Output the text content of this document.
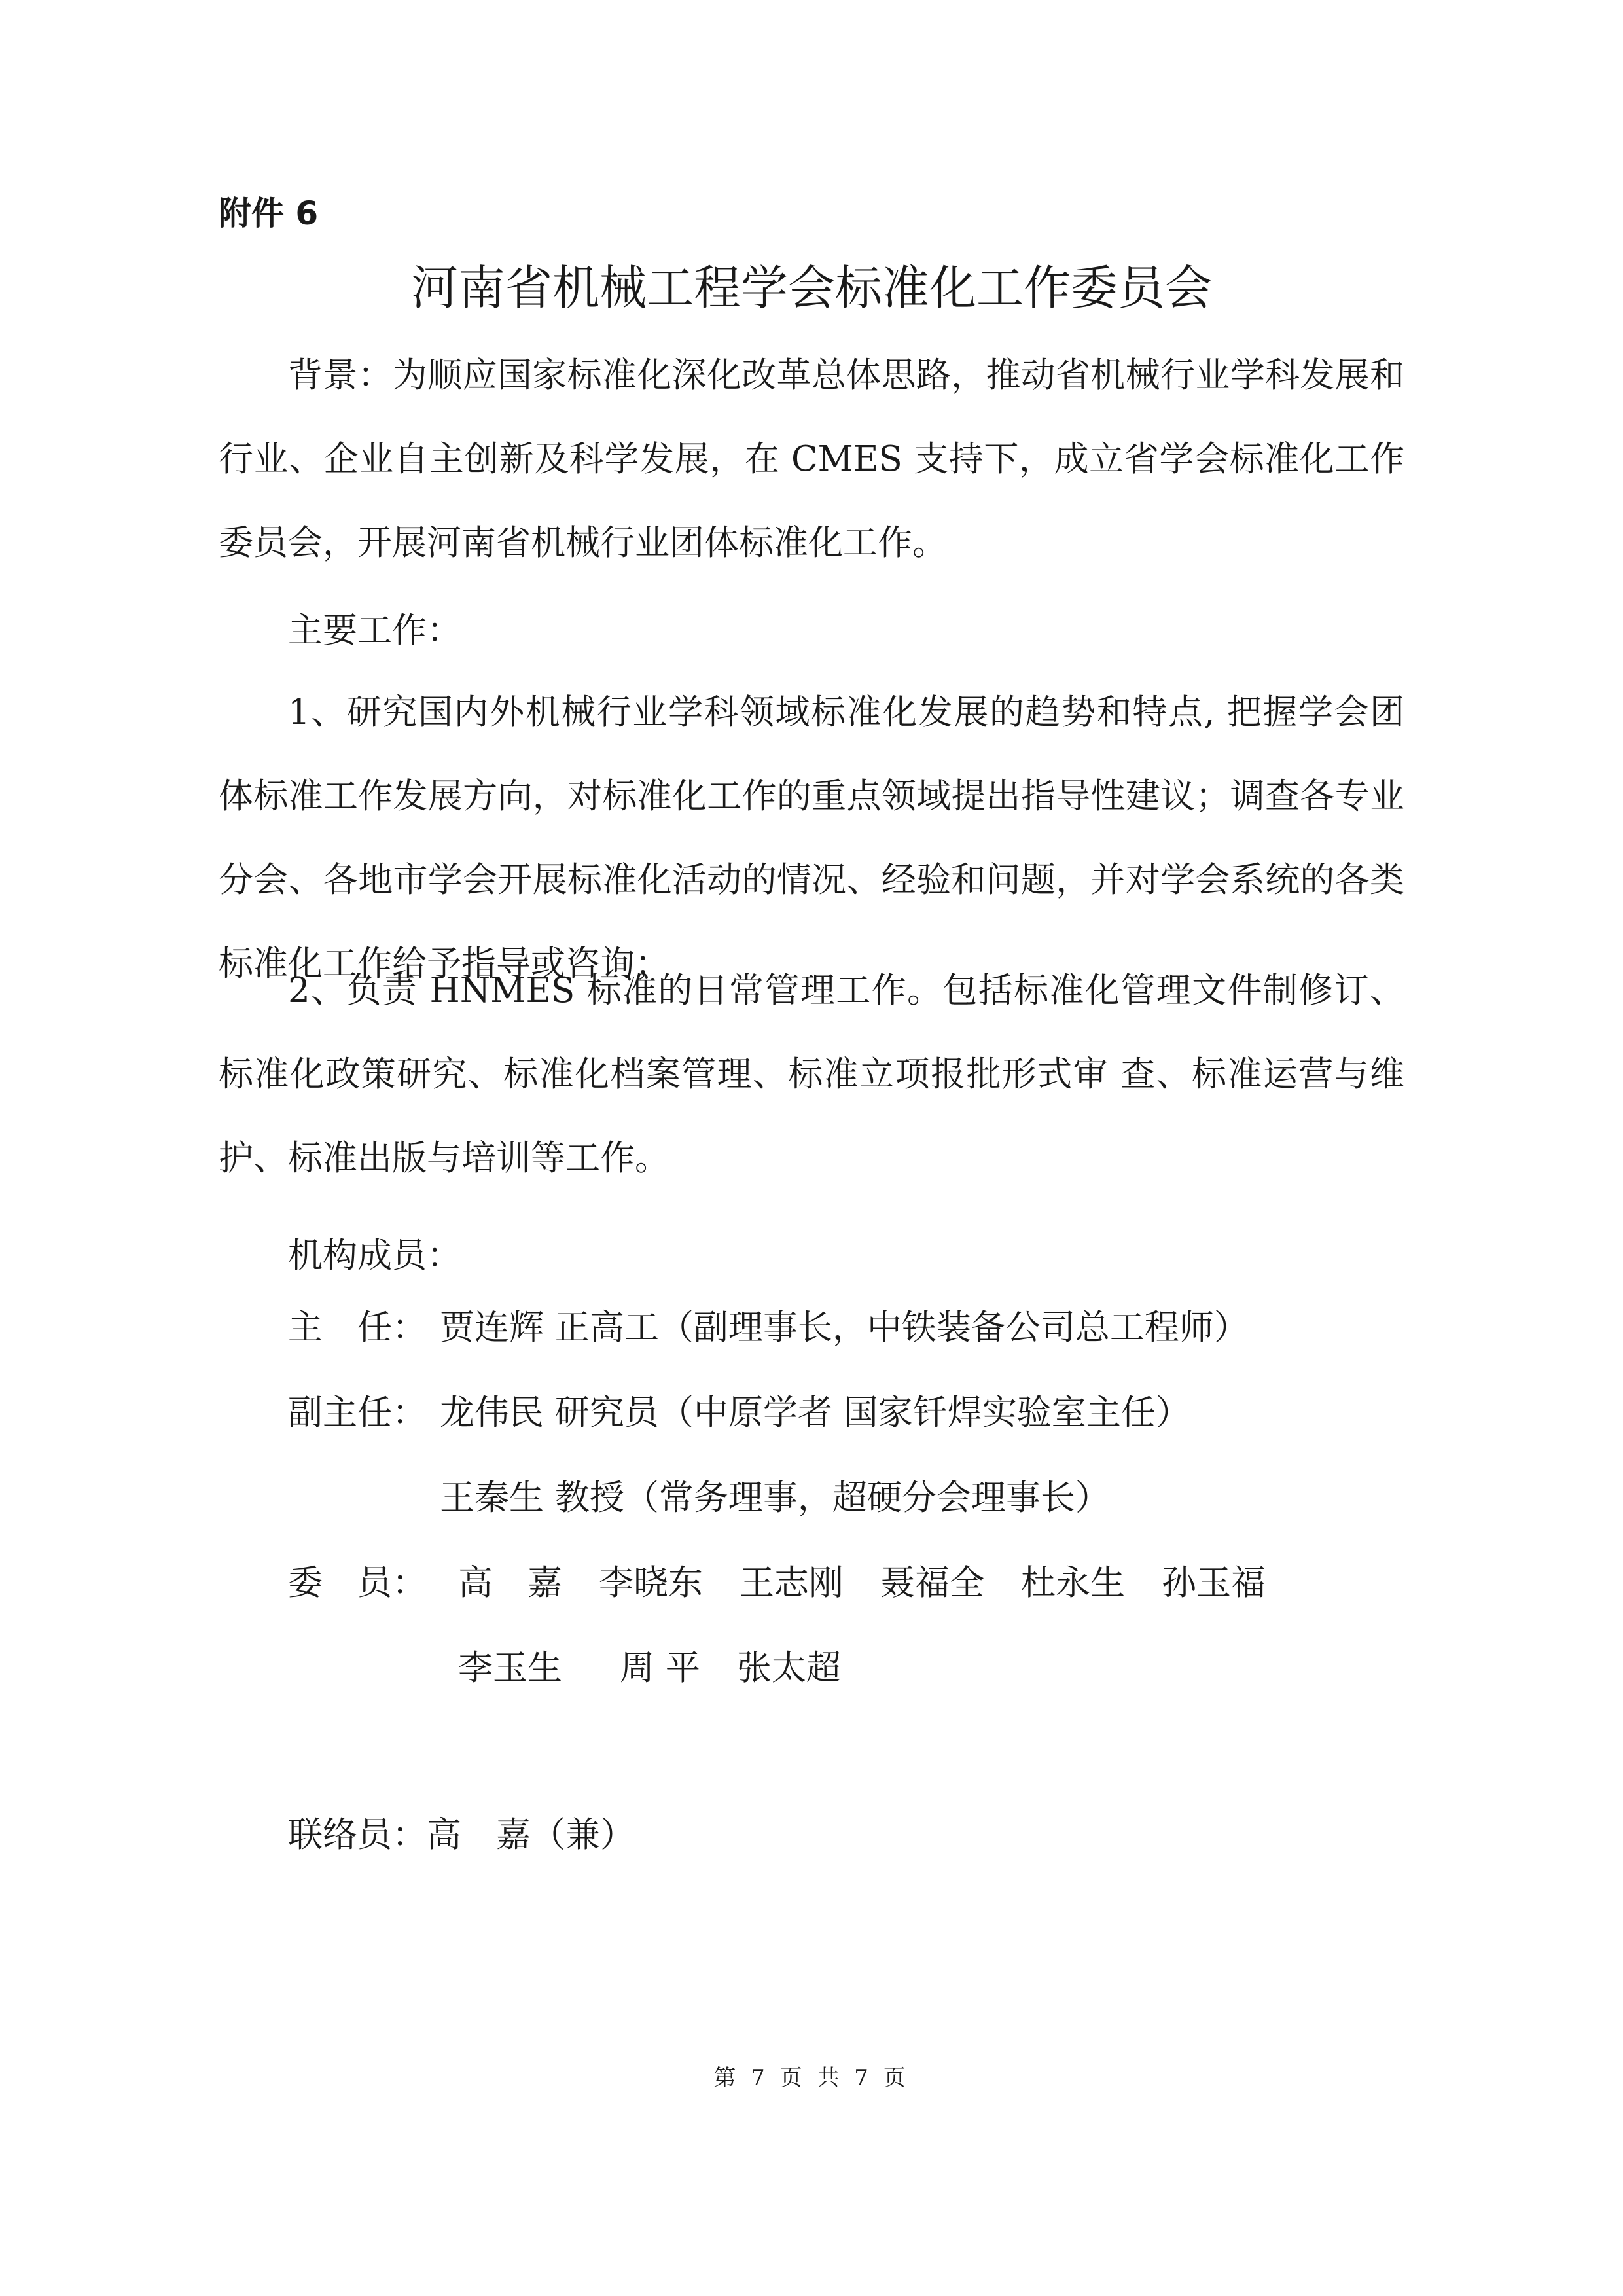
附件 6
河南省机械工程学会标准化工作委员会

背景：为顺应国家标准化深化改革总体思路，推动省机械行业学科发展和行业、企业自主创新及科学发展，在 CMES 支持下，成立省学会标准化工作委员会，开展河南省机械行业团体标准化工作。

主要工作：

1、研究国内外机械行业学科领域标准化发展的趋势和特点, 把握学会团体标准工作发展方向，对标准化工作的重点领域提出指导性建议；调查各专业分会、各地市学会开展标准化活动的情况、经验和问题，并对学会系统的各类标准化工作给予指导或咨询；

2、负责 HNMES 标准的日常管理工作。包括标准化管理文件制修订、标准化政策研究、标准化档案管理、标准立项报批形式审 查、标准运营与维护、标准出版与培训等工作。

机构成员：

主　任： 贾连辉 正高工（副理事长，中铁装备公司总工程师）
副主任： 龙伟民 研究员（中原学者 国家钎焊实验室主任）
王秦生 教授（常务理事，超硬分会理事长）
委　员： 高　嘉 李晓东 王志刚 聂福全 杜永生 孙玉福
李玉生 周 平 张太超
联络员：高　嘉（兼）
第 7 页 共 7 页
